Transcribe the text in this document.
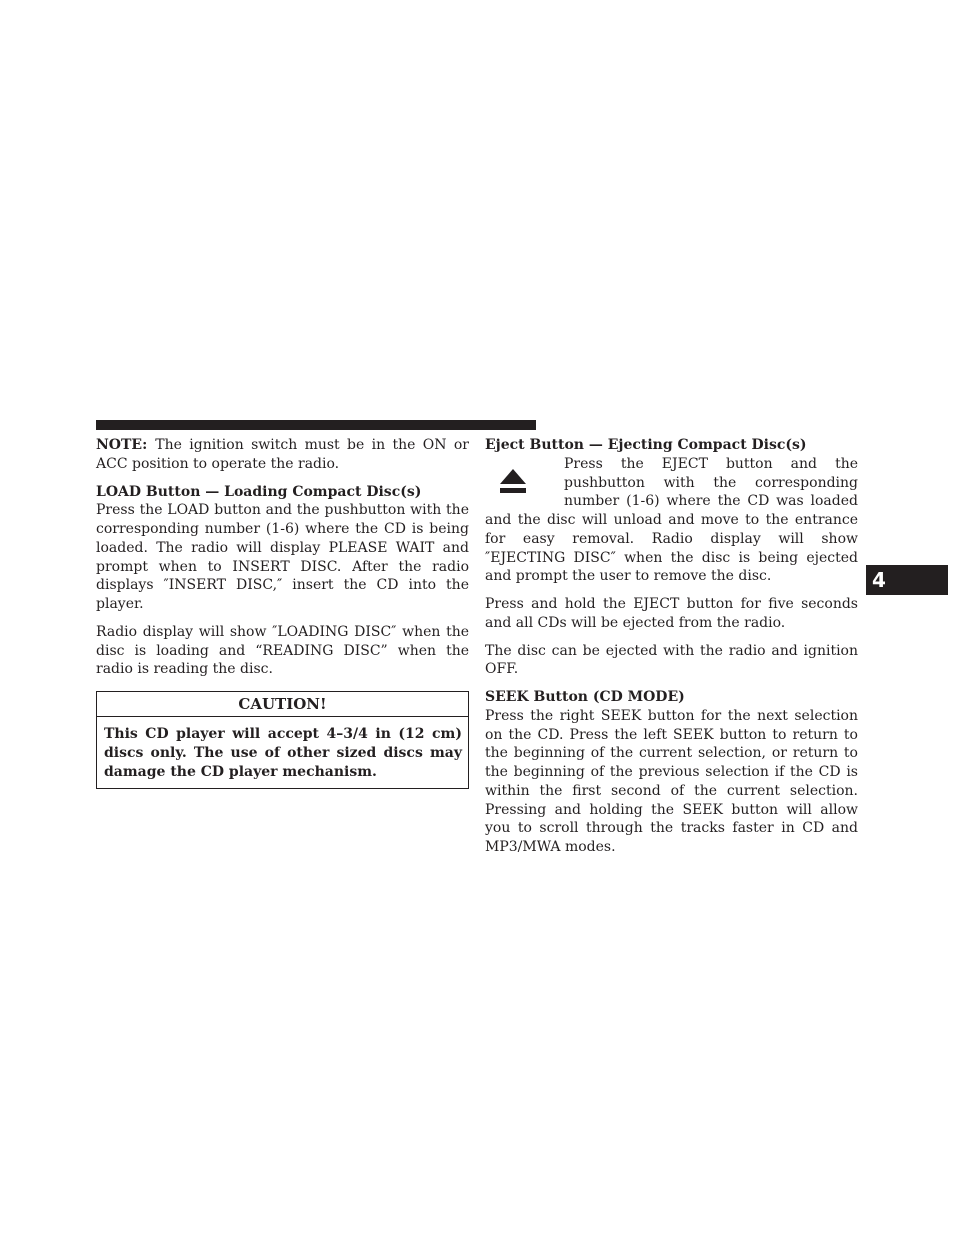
4

NOTE: The ignition switch must be in the ON or ACC position to operate the radio.

LOAD Button — Loading Compact Disc(s)

Press the LOAD button and the pushbutton with the corresponding number (1-6) where the CD is being loaded. The radio will display PLEASE WAIT and prompt when to INSERT DISC. After the radio displays ″INSERT DISC,″ insert the CD into the player.

Radio display will show ″LOADING DISC″ when the disc is loading and “READING DISC” when the radio is reading the disc.

CAUTION!

This CD player will accept 4–3/4 in (12 cm) discs only. The use of other sized discs may damage the CD player mechanism.

Eject Button — Ejecting Compact Disc(s)

Press the EJECT button and the pushbutton with the corresponding number (1-6) where the CD was loaded and the disc will unload and move to the entrance for easy removal. Radio display will show ″EJECTING DISC″ when the disc is being ejected and prompt the user to remove the disc.

Press and hold the EJECT button for five seconds and all CDs will be ejected from the radio.

The disc can be ejected with the radio and ignition OFF.

SEEK Button (CD MODE)

Press the right SEEK button for the next selection on the CD. Press the left SEEK button to return to the beginning of the current selection, or return to the beginning of the previous selection if the CD is within the first second of the current selection. Pressing and holding the SEEK button will allow you to scroll through the tracks faster in CD and MP3/MWA modes.
